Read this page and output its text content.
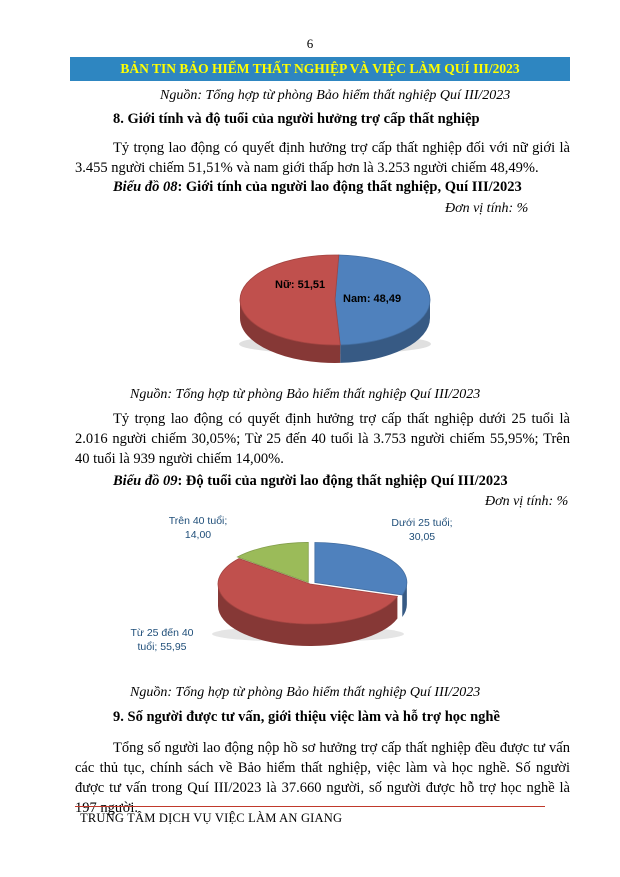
6
BẢN TIN BẢO HIỂM THẤT NGHIỆP VÀ VIỆC LÀM QUÍ III/2023
Nguồn: Tổng hợp từ phòng Bảo hiểm thất nghiệp Quí III/2023
8. Giới tính và độ tuổi của người hưởng trợ cấp thất nghiệp
Tỷ trọng lao động có quyết định hưởng trợ cấp thất nghiệp đối với nữ giới là 3.455 người chiếm 51,51% và nam giới thấp hơn là 3.253 người chiếm 48,49%.
Biểu đồ 08: Giới tính của người lao động thất nghiệp, Quí III/2023
Đơn vị tính: %
Nữ: 51,51
Nam: 48,49
Nguồn: Tổng hợp từ phòng Bảo hiểm thất nghiệp Quí III/2023
Tỷ trọng lao động có quyết định hưởng trợ cấp thất nghiệp dưới 25 tuổi là 2.016 người chiếm 30,05%; Từ 25 đến 40 tuổi là 3.753 người chiếm 55,95%; Trên 40 tuổi là 939 người chiếm 14,00%.
Biểu đồ 09: Độ tuổi của người lao động thất nghiệp Quí III/2023
Đơn vị tính: %
Trên 40 tuổi;
14,00
Dưới 25 tuổi;
30,05
Từ 25 đến 40
tuổi; 55,95
Nguồn: Tổng hợp từ phòng Bảo hiểm thất nghiệp Quí III/2023
9. Số người được tư vấn, giới thiệu việc làm và hỗ trợ học nghề
Tổng số người lao động nộp hồ sơ hưởng trợ cấp thất nghiệp đều được tư vấn các thủ tục, chính sách về Bảo hiểm thất nghiệp, việc làm và học nghề. Số người được tư vấn trong Quí III/2023 là 37.660 người, số người được hỗ trợ học nghề là 197 người.
TRUNG TÂM DỊCH VỤ VIỆC LÀM AN GIANG
